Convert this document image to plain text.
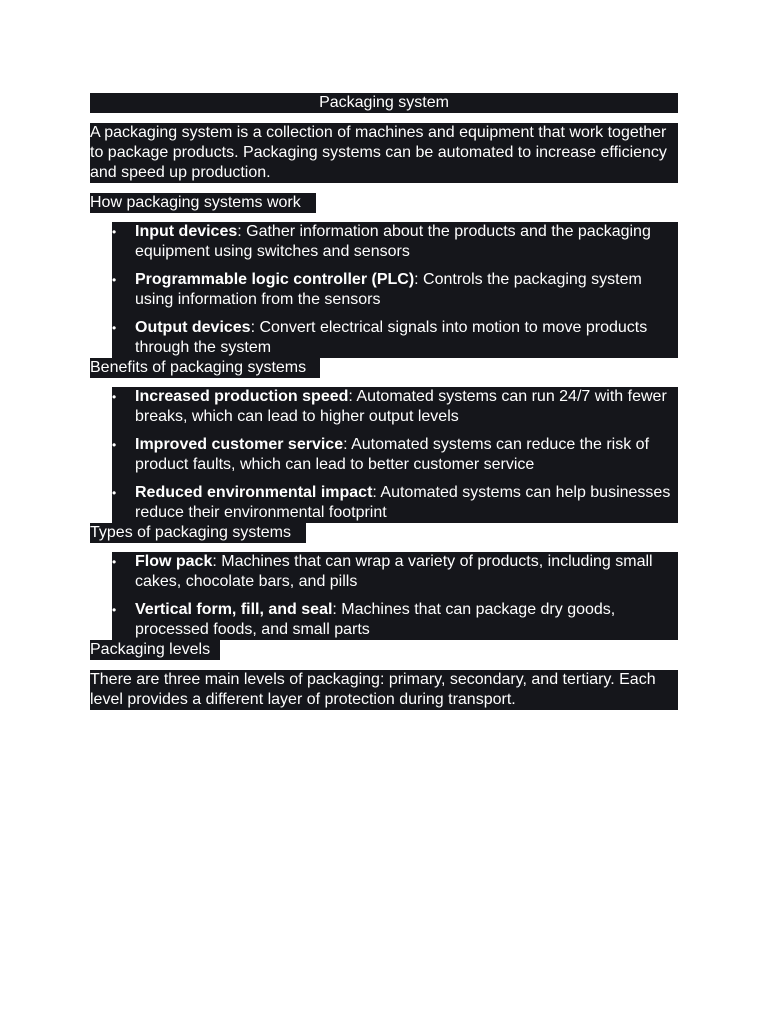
Packaging system
A packaging system is a collection of machines and equipment that work together to package products. Packaging systems can be automated to increase efficiency and speed up production.
How packaging systems work
• Input devices: Gather information about the products and the packaging equipment using switches and sensors
• Programmable logic controller (PLC): Controls the packaging system using information from the sensors
• Output devices: Convert electrical signals into motion to move products through the system
Benefits of packaging systems
• Increased production speed: Automated systems can run 24/7 with fewer breaks, which can lead to higher output levels
• Improved customer service: Automated systems can reduce the risk of product faults, which can lead to better customer service
• Reduced environmental impact: Automated systems can help businesses reduce their environmental footprint
Types of packaging systems
• Flow pack: Machines that can wrap a variety of products, including small cakes, chocolate bars, and pills
• Vertical form, fill, and seal: Machines that can package dry goods, processed foods, and small parts
Packaging levels
There are three main levels of packaging: primary, secondary, and tertiary. Each level provides a different layer of protection during transport.
